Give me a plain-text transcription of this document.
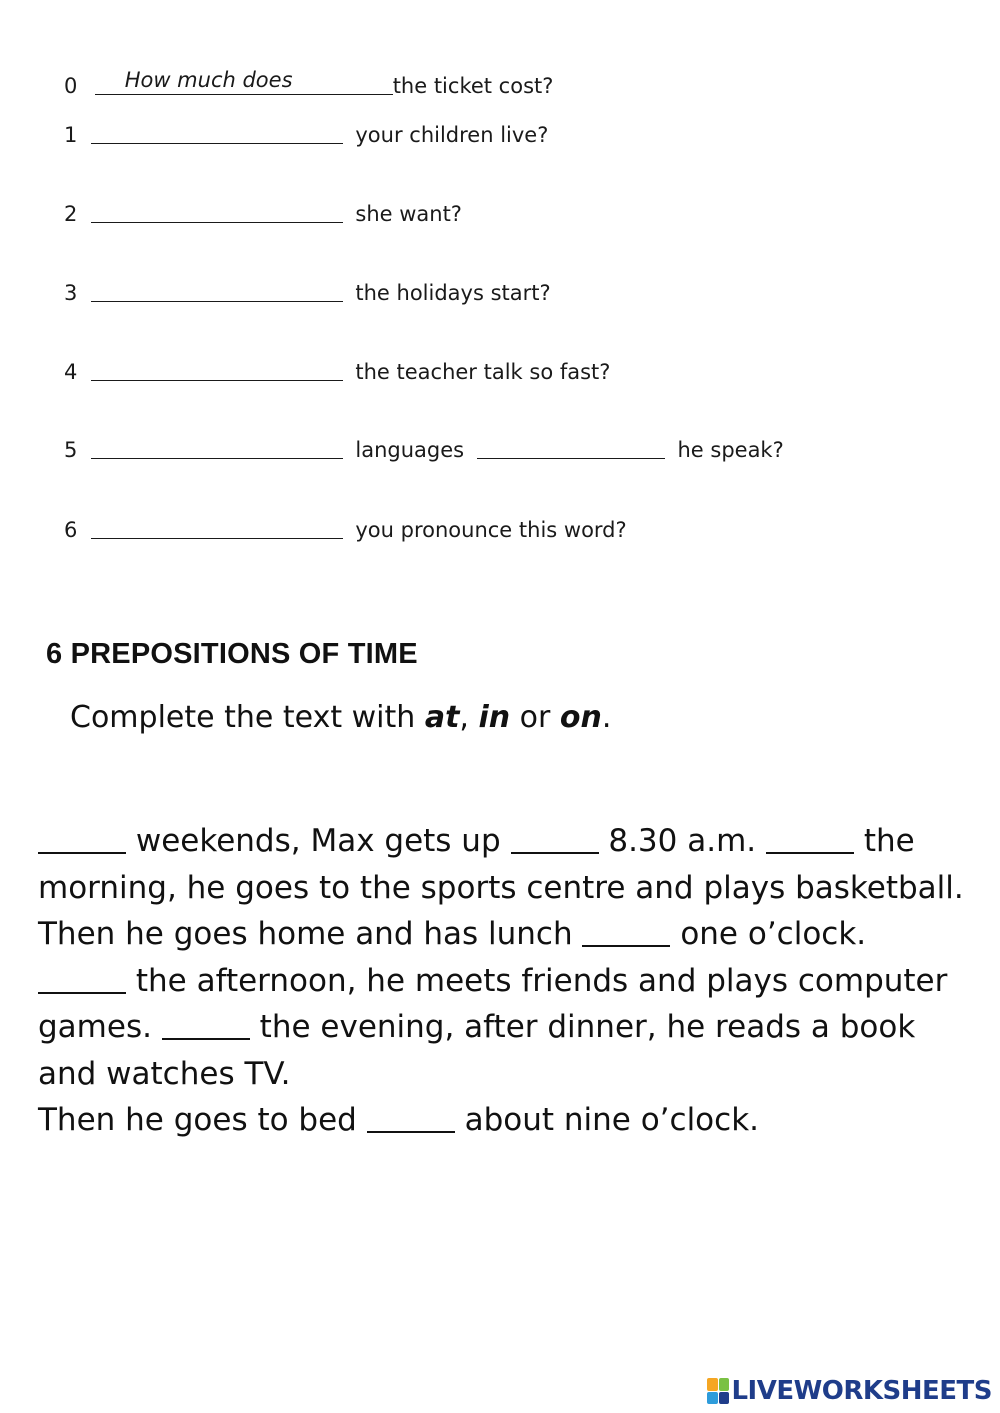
0 How much does	the ticket cost?
1	your children live?
2	she want?
3	the holidays start?
4	the teacher talk so fast?
5	languages	he speak?
6	you pronounce this word?
6 PREPOSITIONS OF TIME
Complete the text with at, in or on.
weekends, Max gets up	8.30 a.m.	the
morning, he goes to the sports centre and plays basketball.
Then he goes home and has lunch	one o’clock.
the afternoon, he meets friends and plays computer
games.	the evening, after dinner, he reads a book
and watches TV.
Then he goes to bed	about nine o’clock.
LIVEWORKSHEETS
